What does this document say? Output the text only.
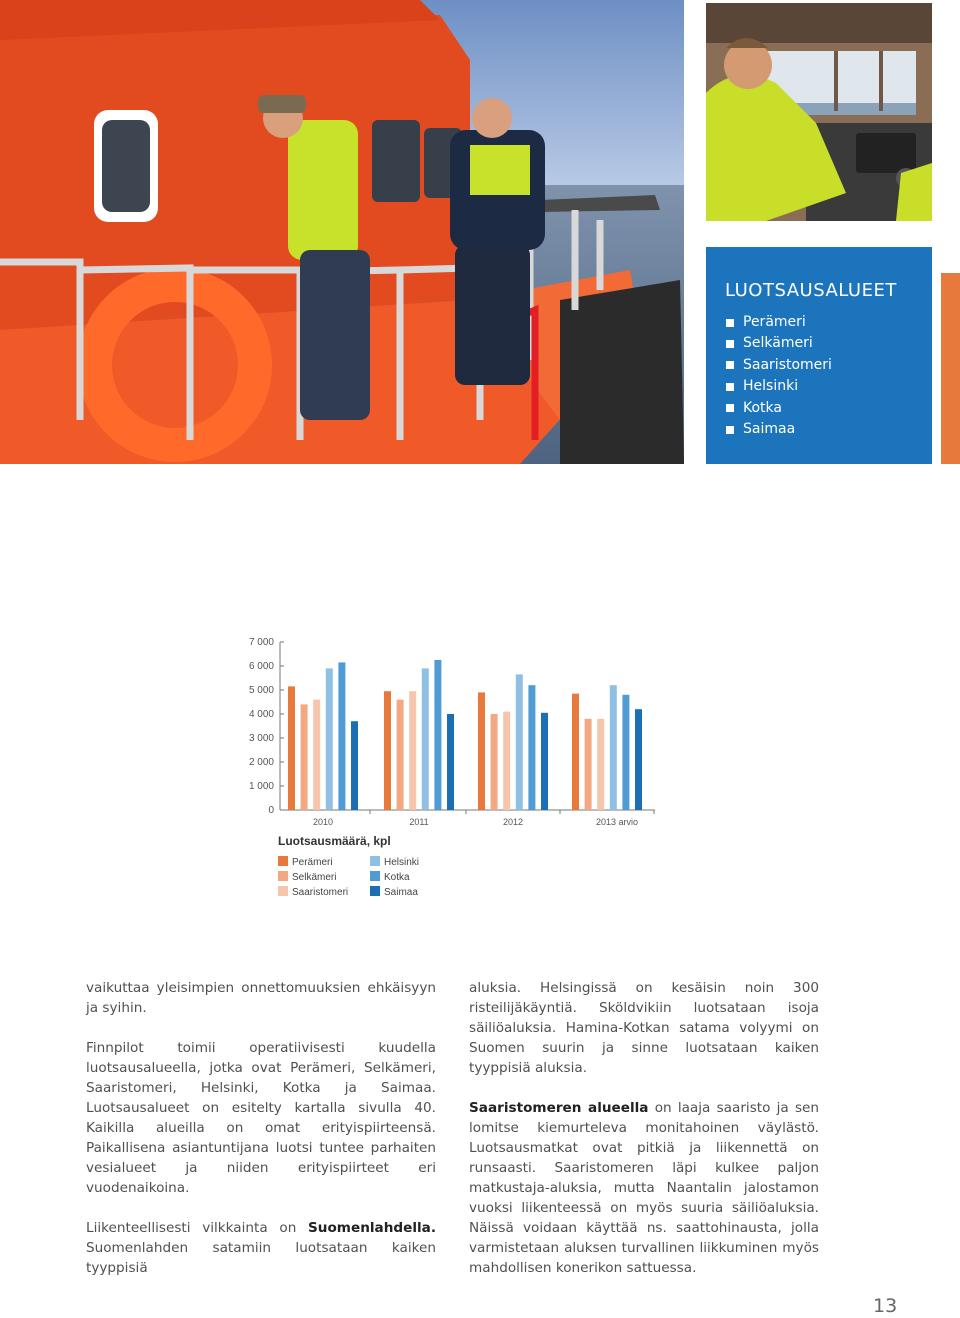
LUOTSAUSALUEET
Perämeri
Selkämeri
Saaristomeri
Helsinki
Kotka
Saimaa
7 000
6 000
5 000
4 000
3 000
2 000
1 000
0
2010	2011	2012	2013 arvio
Luotsausmäärä, kpl
Perämeri
Selkämeri
Saaristomeri
Helsinki
Kotka
Saimaa

vaikuttaa yleisimpien onnettomuuksien ehkäisyyn ja syihin.

Finnpilot toimii operatiivisesti kuudella luotsausalueella, jotka ovat Perämeri, Selkämeri, Saaristomeri, Helsinki, Kotka ja Saimaa. Luotsausalueet on esitelty kartalla sivulla 40. Kaikilla alueilla on omat erityispiirteensä. Paikallisena asiantuntijana luotsi tuntee parhaiten vesialueet ja niiden erityispiirteet eri vuodenaikoina.

Liikenteellisesti vilkkainta on Suomenlahdella. Suomenlahden satamiin luotsataan kaiken tyyppisiä

aluksia. Helsingissä on kesäisin noin 300 risteilijäkäyntiä. Sköldvikiin luotsataan isoja säiliöaluksia. Hamina-Kotkan satama volyymi on Suomen suurin ja sinne luotsataan kaiken tyyppisiä aluksia.

Saaristomeren alueella on laaja saaristo ja sen lomitse kiemurteleva monitahoinen väylästö. Luotsausmatkat ovat pitkiä ja liikennettä on runsaasti. Saaristomeren läpi kulkee paljon matkustaja-aluksia, mutta Naantalin jalostamon vuoksi liikenteessä on myös suuria säiliöaluksia. Näissä voidaan käyttää ns. saattohinausta, jolla varmistetaan aluksen turvallinen liikkuminen myös mahdollisen konerikon sattuessa.

13
